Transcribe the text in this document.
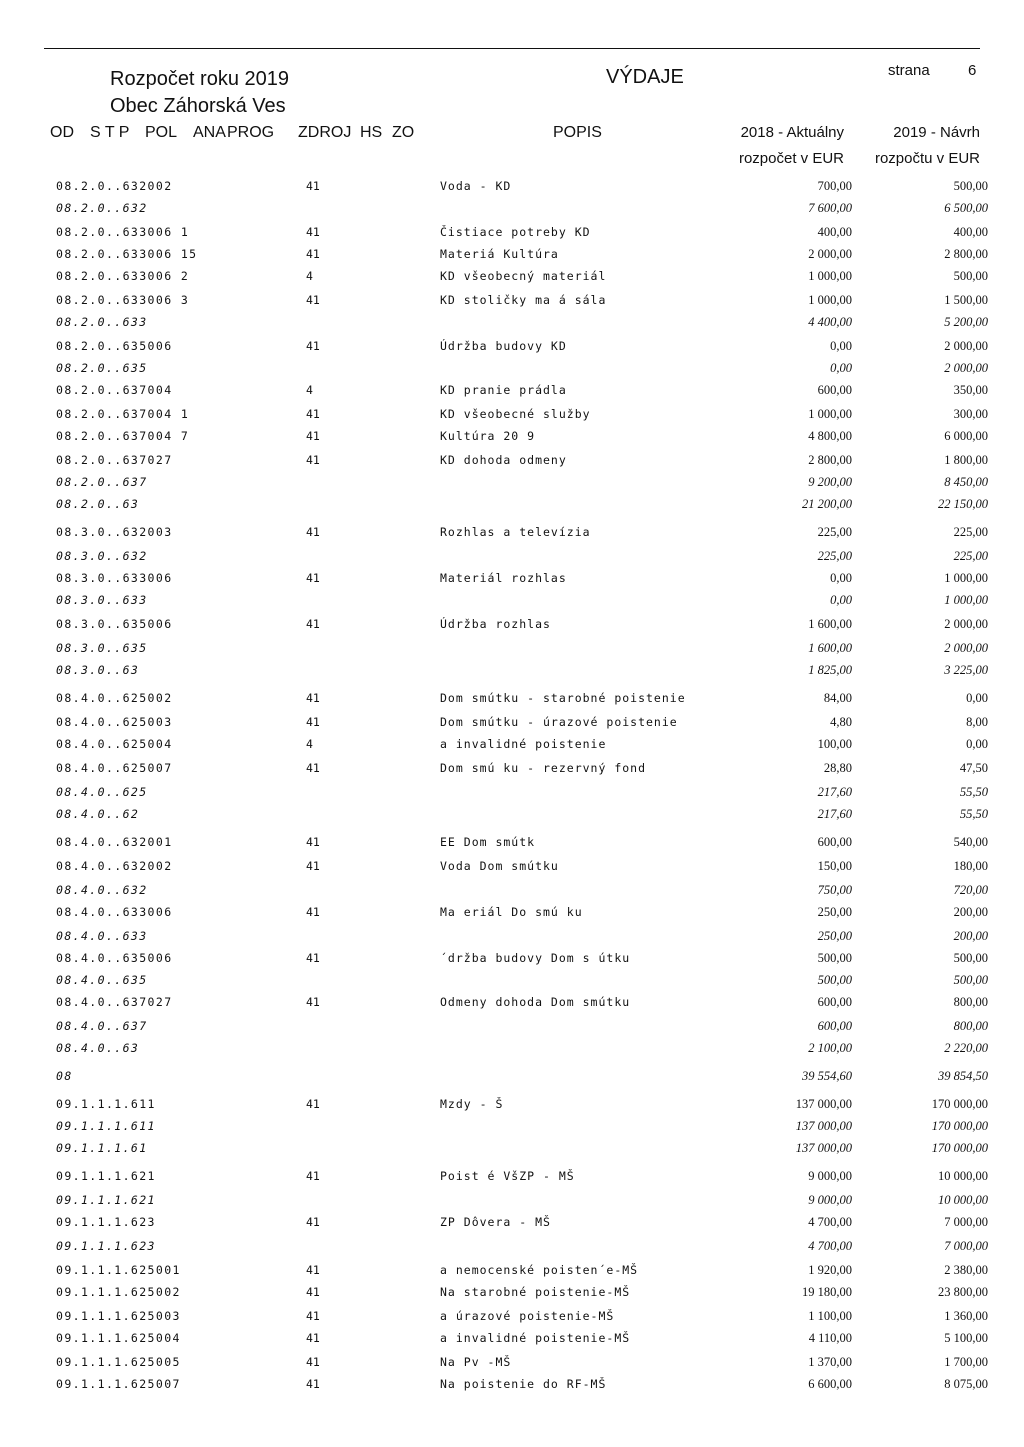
Rozpočet roku 2019
Obec Záhorská Ves
VÝDAJE	strana	6
OD S T P POL ANA PROG ZDROJ HS ZO	POPIS	2018 - Aktuálny
rozpočet v EUR
2019 - Návrh
rozpočtu v EUR
08.2.0..632002	41	Voda - KD	700,00	500,00
08.2.0..632	7 600,00	6 500,00
08.2.0..633006 1	41	Čistiace potreby KD	400,00	400,00
08.2.0..633006 15	41	Materiá Kultúra	2 000,00	2 800,00
08.2.0..633006 2	4	KD všeobecný materiál	1 000,00	500,00
08.2.0..633006 3	41	KD stoličky ma á sála	1 000,00	1 500,00
08.2.0..633	4 400,00	5 200,00
08.2.0..635006	41	Údržba budovy KD	0,00	2 000,00
08.2.0..635	0,00	2 000,00
08.2.0..637004	4	KD pranie prádla	600,00	350,00
08.2.0..637004 1	41	KD všeobecné služby	1 000,00	300,00
08.2.0..637004 7	41	Kultúra 20 9	4 800,00	6 000,00
08.2.0..637027	41	KD dohoda odmeny	2 800,00	1 800,00
08.2.0..637	9 200,00	8 450,00
08.2.0..63	21 200,00	22 150,00
08.3.0..632003	41	Rozhlas a televízia	225,00	225,00
08.3.0..632	225,00	225,00
08.3.0..633006	41	Materiál rozhlas	0,00	1 000,00
08.3.0..633	0,00	1 000,00
08.3.0..635006	41	Údržba rozhlas	1 600,00	2 000,00
08.3.0..635	1 600,00	2 000,00
08.3.0..63	1 825,00	3 225,00
08.4.0..625002	41	Dom smútku - starobné poistenie	84,00	0,00
08.4.0..625003	41	Dom smútku - úrazové poistenie	4,80	8,00
08.4.0..625004	4	a invalidné poistenie	100,00	0,00
08.4.0..625007	41	Dom smú ku - rezervný fond	28,80	47,50
08.4.0..625	217,60	55,50
08.4.0..62	217,60	55,50
08.4.0..632001	41	EE Dom smútk	600,00	540,00
08.4.0..632002	41	Voda Dom smútku	150,00	180,00
08.4.0..632	750,00	720,00
08.4.0..633006	41	Ma eriál Do smú ku	250,00	200,00
08.4.0..633	250,00	200,00
08.4.0..635006	41	´držba budovy Dom s útku	500,00	500,00
08.4.0..635	500,00	500,00
08.4.0..637027	41	Odmeny dohoda Dom smútku	600,00	800,00
08.4.0..637	600,00	800,00
08.4.0..63	2 100,00	2 220,00
08	39 554,60	39 854,50
09.1.1.1.611	41	Mzdy - Š	137 000,00	170 000,00
09.1.1.1.611	137 000,00	170 000,00
09.1.1.1.61	137 000,00	170 000,00
09.1.1.1.621	41	Poist é VšZP - MŠ	9 000,00	10 000,00
09.1.1.1.621	9 000,00	10 000,00
09.1.1.1.623	41	ZP Dôvera - MŠ	4 700,00	7 000,00
09.1.1.1.623	4 700,00	7 000,00
09.1.1.1.625001	41	a nemocenské poisten´e-MŠ	1 920,00	2 380,00
09.1.1.1.625002	41	Na starobné poistenie-MŠ	19 180,00	23 800,00
09.1.1.1.625003	41	a úrazové poistenie-MŠ	1 100,00	1 360,00
09.1.1.1.625004	41	a invalidné poistenie-MŠ	4 110,00	5 100,00
09.1.1.1.625005	41	Na Pv -MŠ	1 370,00	1 700,00
09.1.1.1.625007	41	Na poistenie do RF-MŠ	6 600,00	8 075,00
